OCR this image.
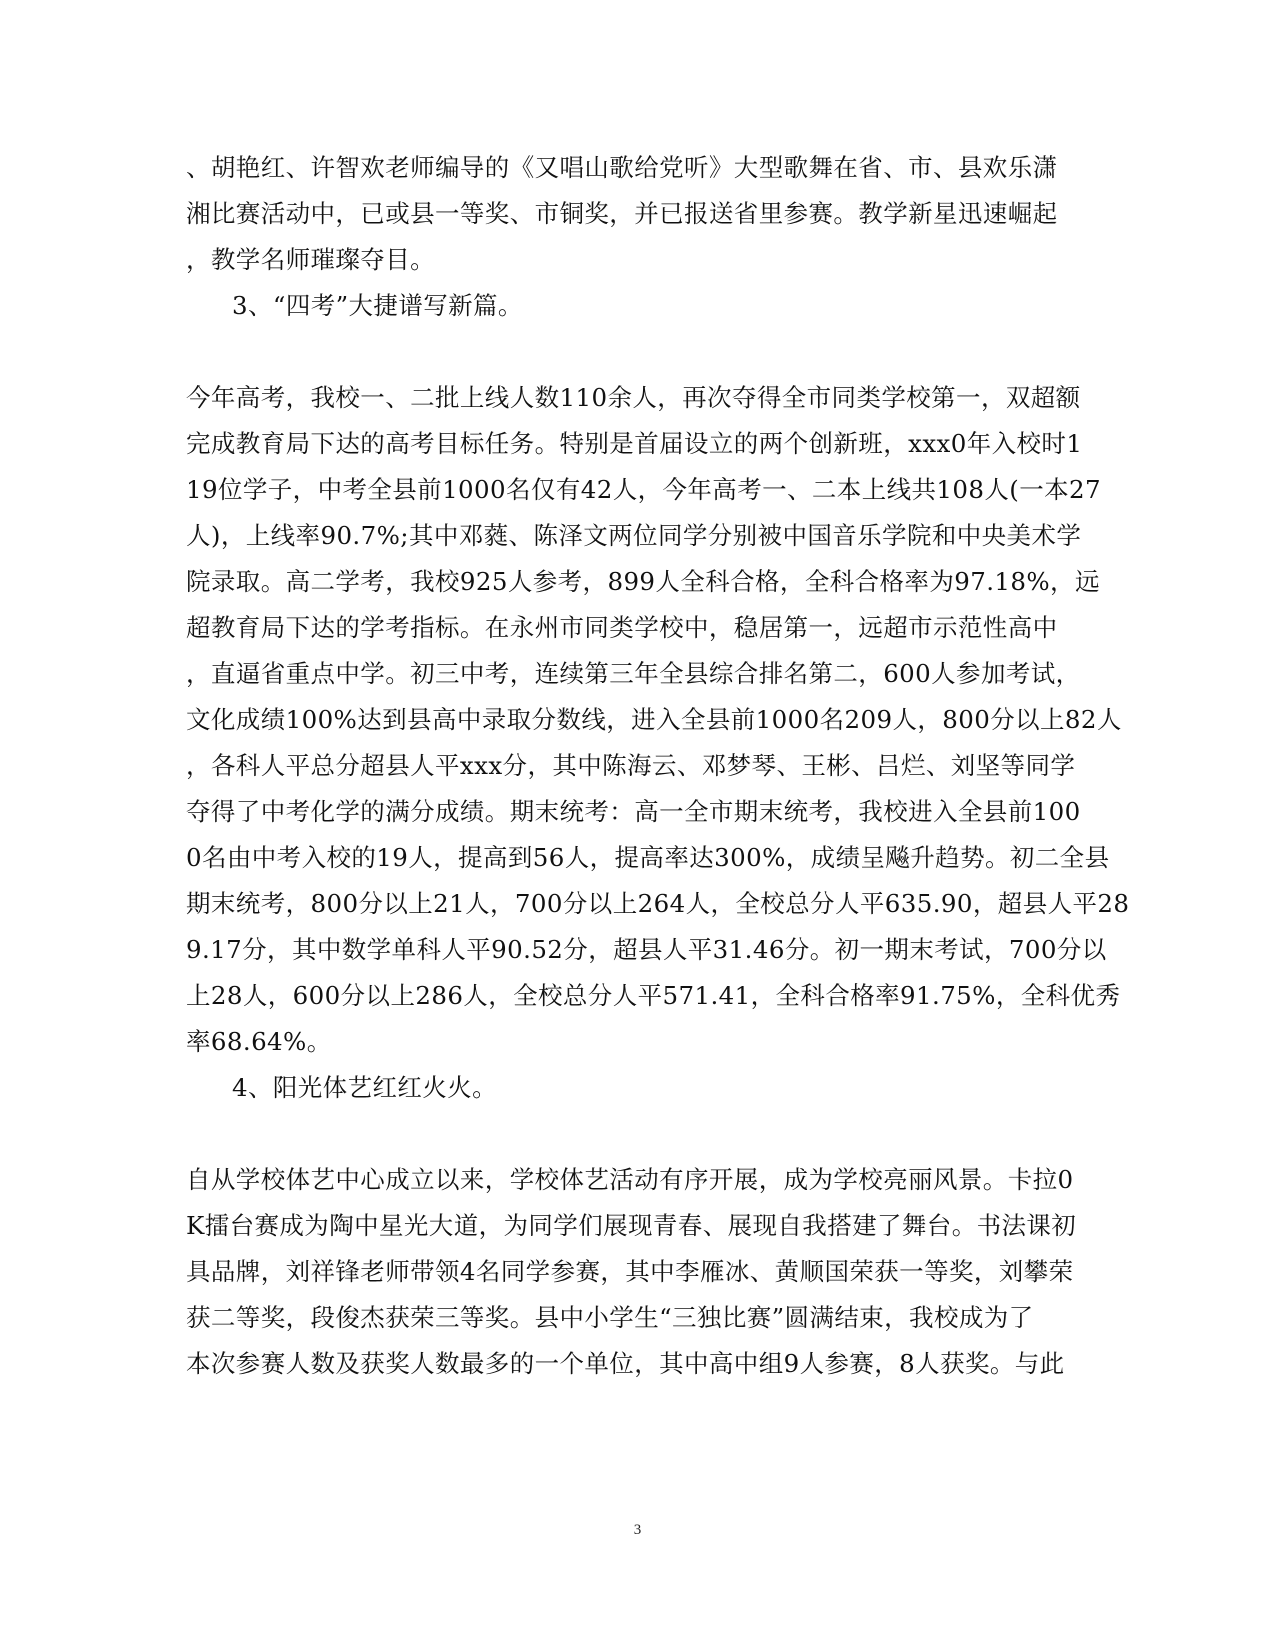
、胡艳红、许智欢老师编导的《又唱山歌给党听》大型歌舞在省、市、县欢乐潇
湘比赛活动中，已或县一等奖、市铜奖，并已报送省里参赛。教学新星迅速崛起
，教学名师璀璨夺目。
3、“四考”大捷谱写新篇。
今年高考，我校一、二批上线人数110余人，再次夺得全市同类学校第一，双超额
完成教育局下达的高考目标任务。特别是首届设立的两个创新班，xxx0年入校时1
19位学子，中考全县前1000名仅有42人，今年高考一、二本上线共108人(一本27
人)，上线率90.7%;其中邓蕤、陈泽文两位同学分别被中国音乐学院和中央美术学
院录取。高二学考，我校925人参考，899人全科合格，全科合格率为97.18%，远
超教育局下达的学考指标。在永州市同类学校中，稳居第一，远超市示范性高中
，直逼省重点中学。初三中考，连续第三年全县综合排名第二，600人参加考试，
文化成绩100%达到县高中录取分数线，进入全县前1000名209人，800分以上82人
，各科人平总分超县人平xxx分，其中陈海云、邓梦琴、王彬、吕烂、刘坚等同学
夺得了中考化学的满分成绩。期末统考：高一全市期末统考，我校进入全县前100
0名由中考入校的19人，提高到56人，提高率达300%，成绩呈飚升趋势。初二全县
期末统考，800分以上21人，700分以上264人，全校总分人平635.90，超县人平28
9.17分，其中数学单科人平90.52分，超县人平31.46分。初一期末考试，700分以
上28人，600分以上286人，全校总分人平571.41，全科合格率91.75%，全科优秀
率68.64%。
4、阳光体艺红红火火。
自从学校体艺中心成立以来，学校体艺活动有序开展，成为学校亮丽风景。卡拉0
K擂台赛成为陶中星光大道，为同学们展现青春、展现自我搭建了舞台。书法课初
具品牌，刘祥锋老师带领4名同学参赛，其中李雁冰、黄顺国荣获一等奖，刘攀荣
获二等奖，段俊杰获荣三等奖。县中小学生“三独比赛”圆满结束，我校成为了
本次参赛人数及获奖人数最多的一个单位，其中高中组9人参赛，8人获奖。与此
3
